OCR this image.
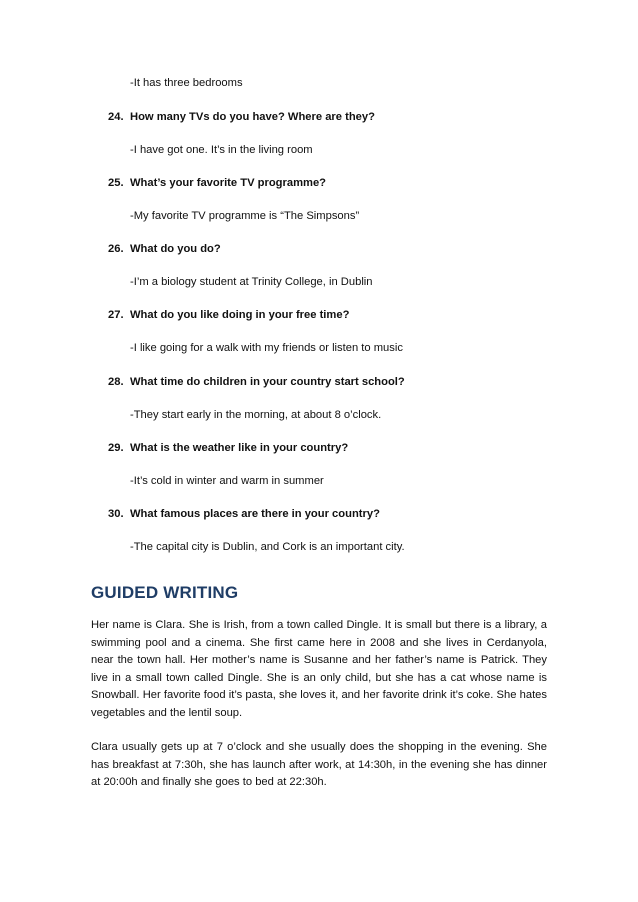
-It has three bedrooms
24. How many TVs do you have? Where are they?
-I have got one. It’s in the living room
25. What’s your favorite TV programme?
-My favorite TV programme is “The Simpsons”
26. What do you do?
-I’m a biology student at Trinity College, in Dublin
27. What do you like doing in your free time?
-I like going for a walk with my friends or listen to music
28. What time do children in your country start school?
-They start early in the morning, at about 8 o’clock.
29. What is the weather like in your country?
-It’s cold in winter and warm in summer
30. What famous places are there in your country?
-The capital city is Dublin, and Cork is an important city.
GUIDED WRITING

Her name is Clara. She is Irish, from a town called Dingle. It is small but there is a library, a swimming pool and a cinema. She first came here in 2008 and she lives in Cerdanyola, near the town hall. Her mother’s name is Susanne and her father’s name is Patrick. They live in a small town called Dingle. She is an only child, but she has a cat whose name is Snowball. Her favorite food it’s pasta, she loves it, and her favorite drink it’s coke. She hates vegetables and the lentil soup.

Clara usually gets up at 7 o’clock and she usually does the shopping in the evening. She has breakfast at 7:30h, she has launch after work, at 14:30h, in the evening she has dinner at 20:00h and finally she goes to bed at 22:30h.
